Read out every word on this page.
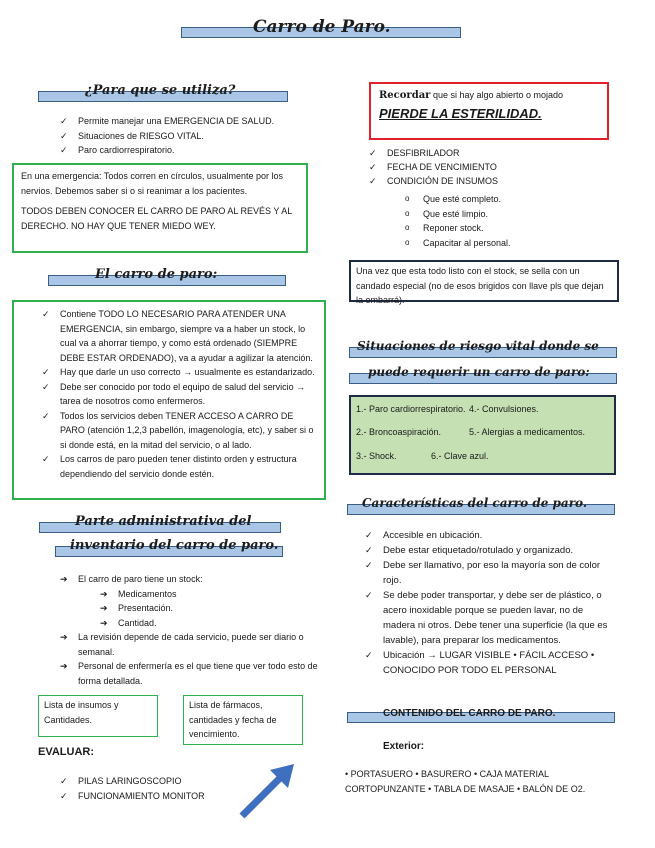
Carro de Paro.
¿Para que se utiliza?
✓ Permite manejar una EMERGENCIA DE SALUD.
✓ Situaciones de RIESGO VITAL.
✓ Paro cardiorrespiratorio.
En una emergencia: Todos corren en círculos, usualmente por los nervios. Debemos saber si o si reanimar a los pacientes.
TODOS DEBEN CONOCER EL CARRO DE PARO AL REVÉS Y AL DERECHO. NO HAY QUE TENER MIEDO WEY.
El carro de paro:
✓ Contiene TODO LO NECESARIO PARA ATENDER UNA EMERGENCIA, sin embargo, siempre va a haber un stock, lo cual va a ahorrar tiempo, y como está ordenado (SIEMPRE DEBE ESTAR ORDENADO), va a ayudar a agilizar la atención.
✓ Hay que darle un uso correcto → usualmente es estandarizado.
✓ Debe ser conocido por todo el equipo de salud del servicio → tarea de nosotros como enfermeros.
✓ Todos los servicios deben TENER ACCESO A CARRO DE PARO (atención 1,2,3 pabellón, imagenología, etc), y saber si o si donde está, en la mitad del servicio, o al lado.
✓ Los carros de paro pueden tener distinto orden y estructura dependiendo del servicio donde estén.
Parte administrativa del
inventario del carro de paro.
➔ El carro de paro tiene un stock:
➔ Medicamentos
➔ Presentación.
➔ Cantidad.
➔ La revisión depende de cada servicio, puede ser diario o semanal.
➔ Personal de enfermería es el que tiene que ver todo esto de forma detallada.
Lista de insumos y Cantidades.
Lista de fármacos, cantidades y fecha de vencimiento.
EVALUAR:
✓ PILAS LARINGOSCOPIO
✓ FUNCIONAMIENTO MONITOR
Recordar que si hay algo abierto o mojado
PIERDE LA ESTERILIDAD.
✓ DESFIBRILADOR
✓ FECHA DE VENCIMIENTO
✓ CONDICIÓN DE INSUMOS
o Que esté completo.
o Que esté limpio.
o Reponer stock.
o Capacitar al personal.
Una vez que esta todo listo con el stock, se sella con un candado especial (no de esos brigidos con llave pls que dejan la embarrá).
Situaciones de riesgo vital donde se
puede requerir un carro de paro:
1.- Paro cardiorrespiratorio. 4.- Convulsiones.
2.- Broncoaspiración.	5.- Alergias a medicamentos.
3.- Shock.	6.- Clave azul.
Características del carro de paro.
✓ Accesible en ubicación.
✓ Debe estar etiquetado/rotulado y organizado.
✓ Debe ser llamativo, por eso la mayoría son de color rojo.
✓ Se debe poder transportar, y debe ser de plástico, o acero inoxidable porque se pueden lavar, no de madera ni otros. Debe tener una superficie (la que es lavable), para preparar los medicamentos.
✓ Ubicación → LUGAR VISIBLE • FÁCIL ACCESO • CONOCIDO POR TODO EL PERSONAL
CONTENIDO DEL CARRO DE PARO.
Exterior:
• PORTASUERO • BASURERO • CAJA MATERIAL CORTOPUNZANTE • TABLA DE MASAJE • BALÓN DE O2.
